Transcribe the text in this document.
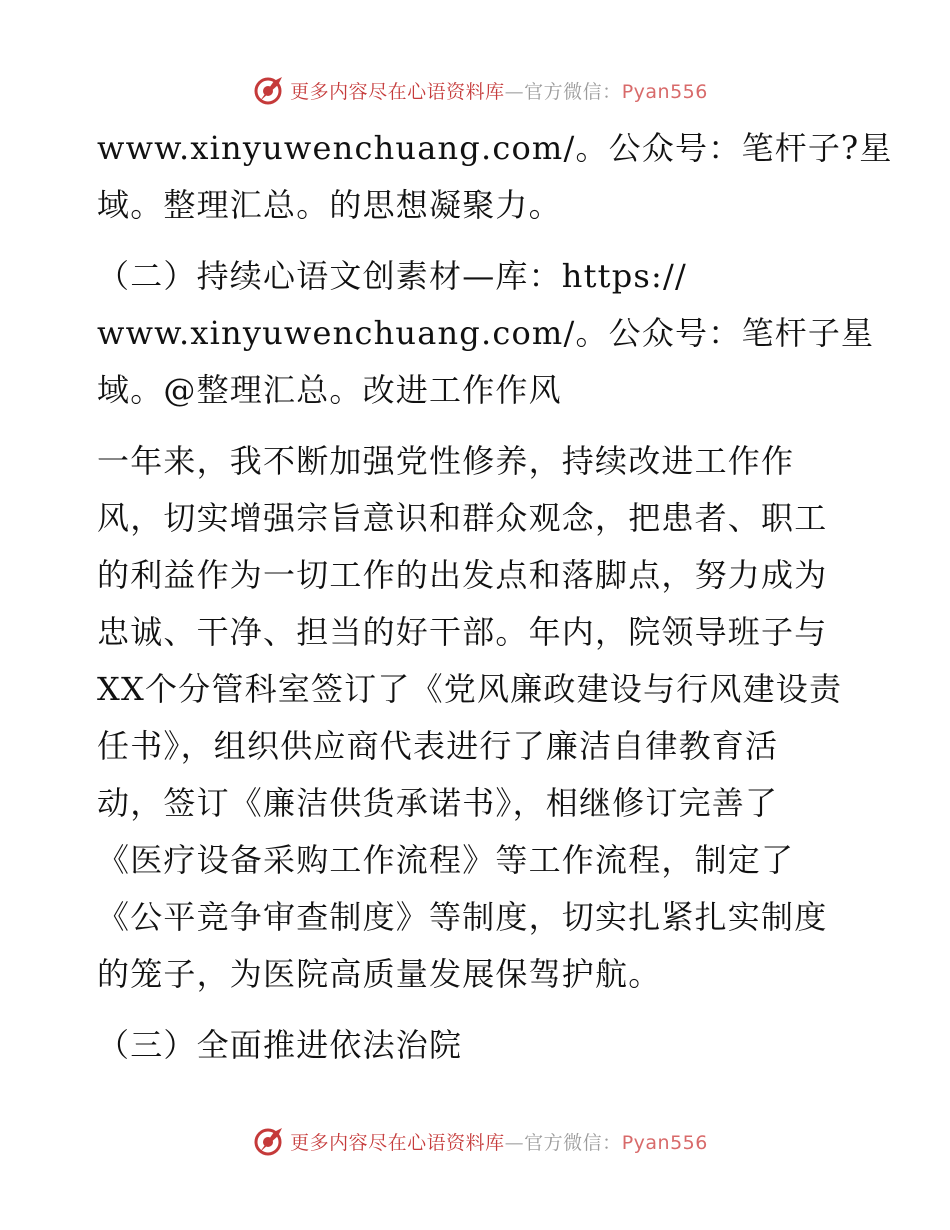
更多内容尽在心语资料库—官方微信：Pyan556
www.xinyuwenchuang.com/。公众号：笔杆子?星
域。整理汇总。的思想凝聚力。
（二）持续心语文创素材—库：https://
www.xinyuwenchuang.com/。公众号：笔杆子星
域。@整理汇总。改进工作作风
一年来，我不断加强党性修养，持续改进工作作
风，切实增强宗旨意识和群众观念，把患者、职工
的利益作为一切工作的出发点和落脚点，努力成为
忠诚、干净、担当的好干部。年内，院领导班子与
XX个分管科室签订了《党风廉政建设与行风建设责
任书》，组织供应商代表进行了廉洁自律教育活
动，签订《廉洁供货承诺书》，相继修订完善了
《医疗设备采购工作流程》等工作流程，制定了
《公平竞争审查制度》等制度，切实扎紧扎实制度
的笼子，为医院高质量发展保驾护航。
（三）全面推进依法治院
更多内容尽在心语资料库—官方微信：Pyan556
